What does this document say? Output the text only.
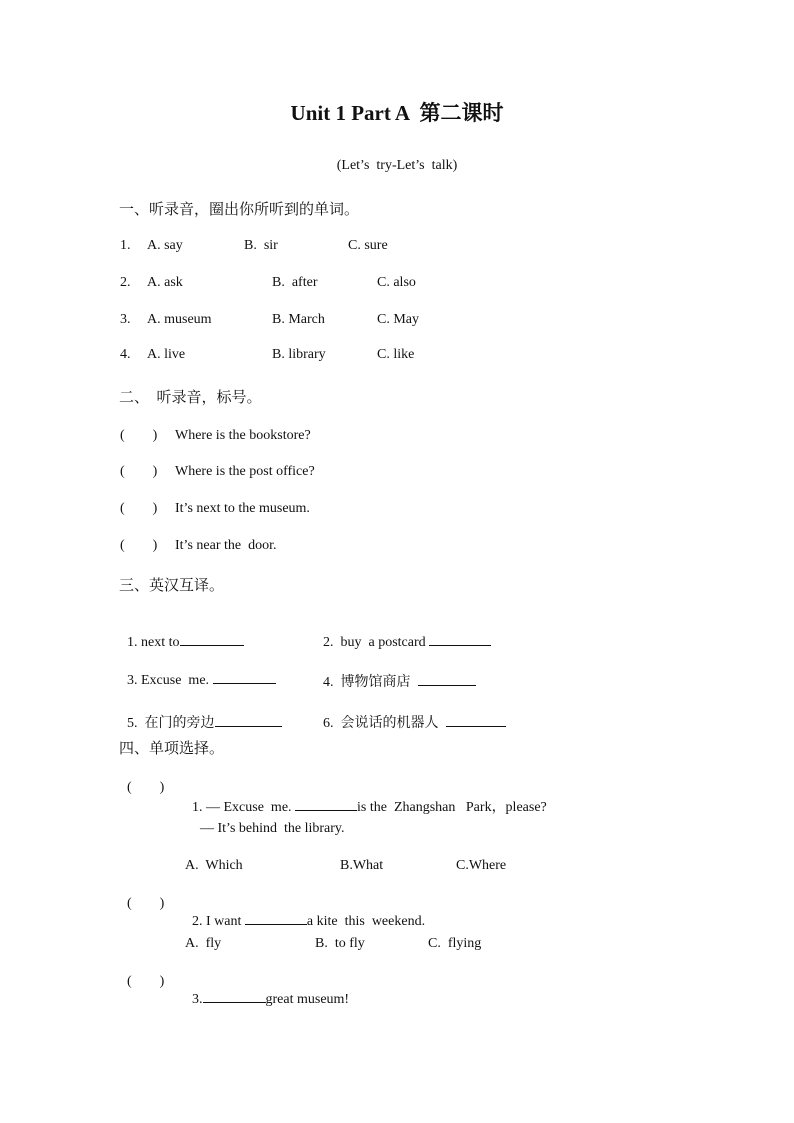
Unit 1 Part A  第二课时
(Let’s  try-Let’s  talk)
一、听录音，圈出你所听到的单词。
1. A. say	B.  sir	C. sure
2. A. ask	B.  after	C. also
3. A. museum	B. March	C. May
4. A. live	B. library	C. like
二、  听录音，标号。
(        ) Where is the bookstore?
(        ) Where is the post office?
(        ) It’s next to the museum.
(        ) It’s near the  door.
三、英汉互译。

1. next to	2.  buy  a postcard

3. Excuse  me.	4.  博物馆商店

5.  在门的旁边	6.  会说话的机器人

四、单项选择。
(        )

1. — Excuse  me.	is the  Zhangshan   Park，please?

— It’s behind  the library.
A.  Which	B.What	C.Where
(        )

2. I want	a kite  this  weekend.

A.  fly	B.  to fly	C.  flying
(        )

3.	great museum!
